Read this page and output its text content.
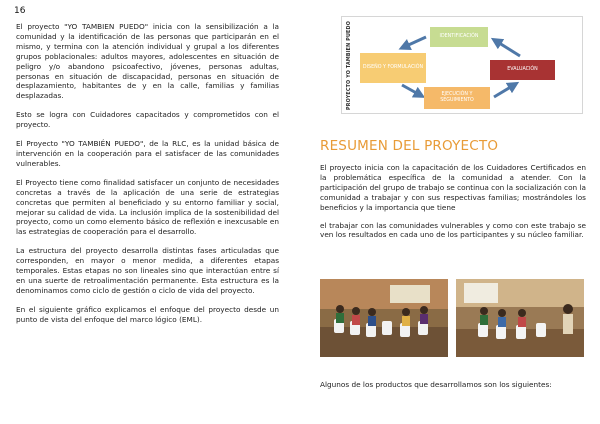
16

El proyecto "YO TAMBIEN PUEDO" inicia con la sensibilización a la comunidad y la identificación de las personas que participarán en el mismo, y termina con la atención individual y grupal a los diferentes grupos poblacionales: adultos mayores, adolescentes en situación de peligro y/o abandono psicoafectivo, jóvenes, personas adultas, personas en situación de discapacidad, personas en situación de desplazamiento, habitantes de y en la calle, familias y familias desplazadas.

Esto se logra con Cuidadores capacitados y comprometidos con el proyecto.

El Proyecto "YO TAMBIÉN PUEDO", de la RLC, es la unidad básica de intervención en la cooperación para el satisfacer de las comunidades vulnerables.

El Proyecto tiene como finalidad satisfacer un conjunto de necesidades concretas a través de la aplicación de una serie de estrategias concretas que permiten al beneficiado y su entorno familiar y social, mejorar su calidad de vida. La inclusión implica de la sostenibilidad del proyecto, como un como elemento básico de reflexión e inexcusable en las estrategias de cooperación para el desarrollo.

La estructura del proyecto desarrolla distintas fases articuladas que corresponden, en mayor o menor medida, a diferentes etapas temporales. Estas etapas no son lineales sino que interactúan entre sí en una suerte de retroalimentación permanente. Esta estructura es la denominamos como ciclo de gestión o ciclo de vida del proyecto.

En el siguiente gráfico explicamos el enfoque del proyecto desde un punto de vista del enfoque del marco lógico (EML).

PROYECTO YO TAMBIEN PUEDO	IDENTIFICACIÓN
DISEÑO Y FORMULACIÓN	EVALUACIÓN
EJECUCIÓN Y SEGUIMIENTO
RESUMEN DEL PROYECTO

El proyecto inicia con la capacitación de los Cuidadores Certificados en la problemática específica de la comunidad a atender. Con la participación del grupo de trabajo se continua con la socialización con la comunidad a trabajar y con sus respectivas familias; mostrándoles los beneficios y la importancia que tiene

el trabajar con las comunidades vulnerables y como con este trabajo se ven los resultados en cada uno de los participantes y su núcleo familiar.

Algunos de los productos que desarrollamos son los siguientes:
